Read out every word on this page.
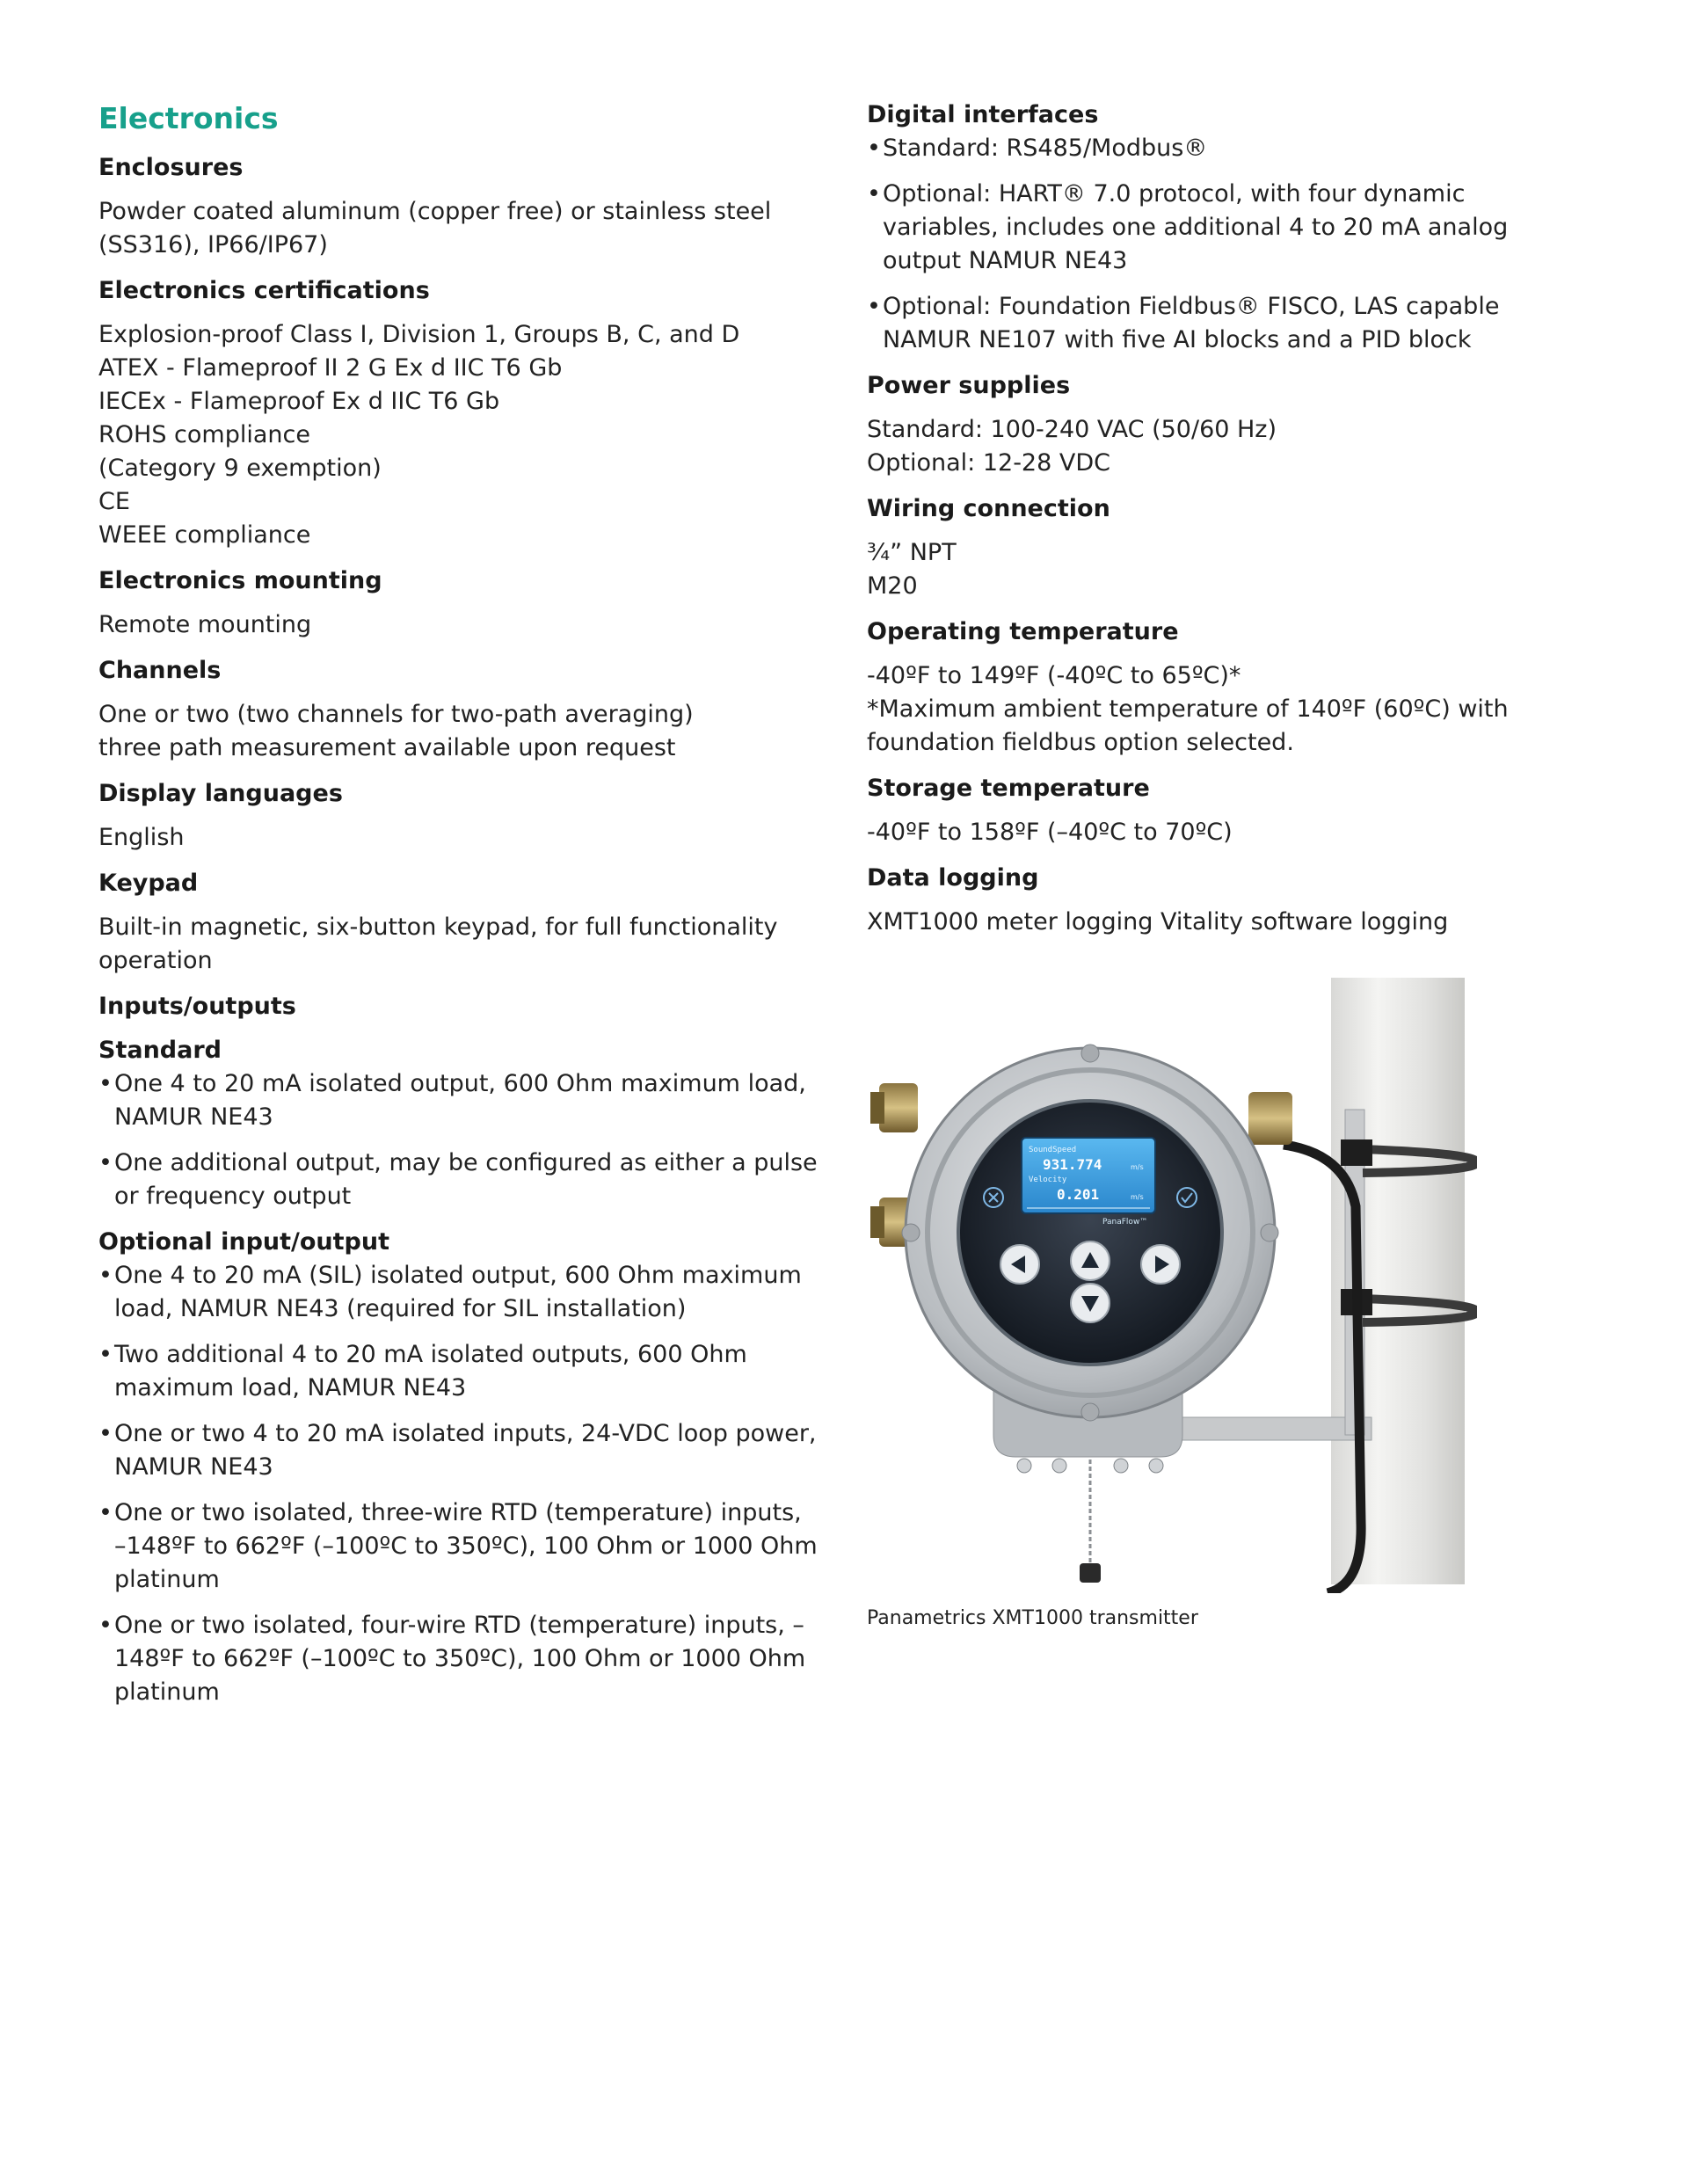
Electronics
Enclosures
Powder coated aluminum (copper free) or stainless steel
(SS316), IP66/IP67)
Electronics certifications
Explosion-proof Class I, Division 1, Groups B, C, and D
ATEX - Flameproof II 2 G Ex d IIC T6 Gb
IECEx - Flameproof Ex d IIC T6 Gb
ROHS compliance
(Category 9 exemption)
CE
WEEE compliance
Electronics mounting
Remote mounting
Channels
One or two (two channels for two-path averaging)
three path measurement available upon request
Display languages
English
Keypad
Built-in magnetic, six-button keypad, for full functionality
operation
Inputs/outputs
Standard
• One 4 to 20 mA isolated output, 600 Ohm maximum load, NAMUR NE43
• One additional output, may be configured as either a pulse or frequency output
Optional input/output
• One 4 to 20 mA (SIL) isolated output, 600 Ohm maximum load, NAMUR NE43 (required for SIL installation)
• Two additional 4 to 20 mA isolated outputs, 600 Ohm maximum load, NAMUR NE43
• One or two 4 to 20 mA isolated inputs, 24-VDC loop power, NAMUR NE43
• One or two isolated, three-wire RTD (temperature) inputs, –148ºF to 662ºF (–100ºC to 350ºC), 100 Ohm or 1000 Ohm platinum
• One or two isolated, four-wire RTD (temperature) inputs, –148ºF to 662ºF (–100ºC to 350ºC), 100 Ohm or 1000 Ohm platinum
Digital interfaces
• Standard: RS485/Modbus®
• Optional: HART® 7.0 protocol, with four dynamic variables, includes one additional 4 to 20 mA analog output NAMUR NE43
• Optional: Foundation Fieldbus® FISCO, LAS capable NAMUR NE107 with five AI blocks and a PID block
Power supplies
Standard: 100-240 VAC (50/60 Hz)
Optional: 12-28 VDC
Wiring connection
¾” NPT
M20
Operating temperature
-40ºF to 149ºF (-40ºC to 65ºC)*
*Maximum ambient temperature of 140ºF (60ºC) with
foundation fieldbus option selected.
Storage temperature
-40ºF to 158ºF (–40ºC to 70ºC)
Data logging
XMT1000 meter logging Vitality software logging
SoundSpeed
931.774	m/s
Velocity
0.201	m/s
PanaFlow™
Panametrics XMT1000 transmitter
